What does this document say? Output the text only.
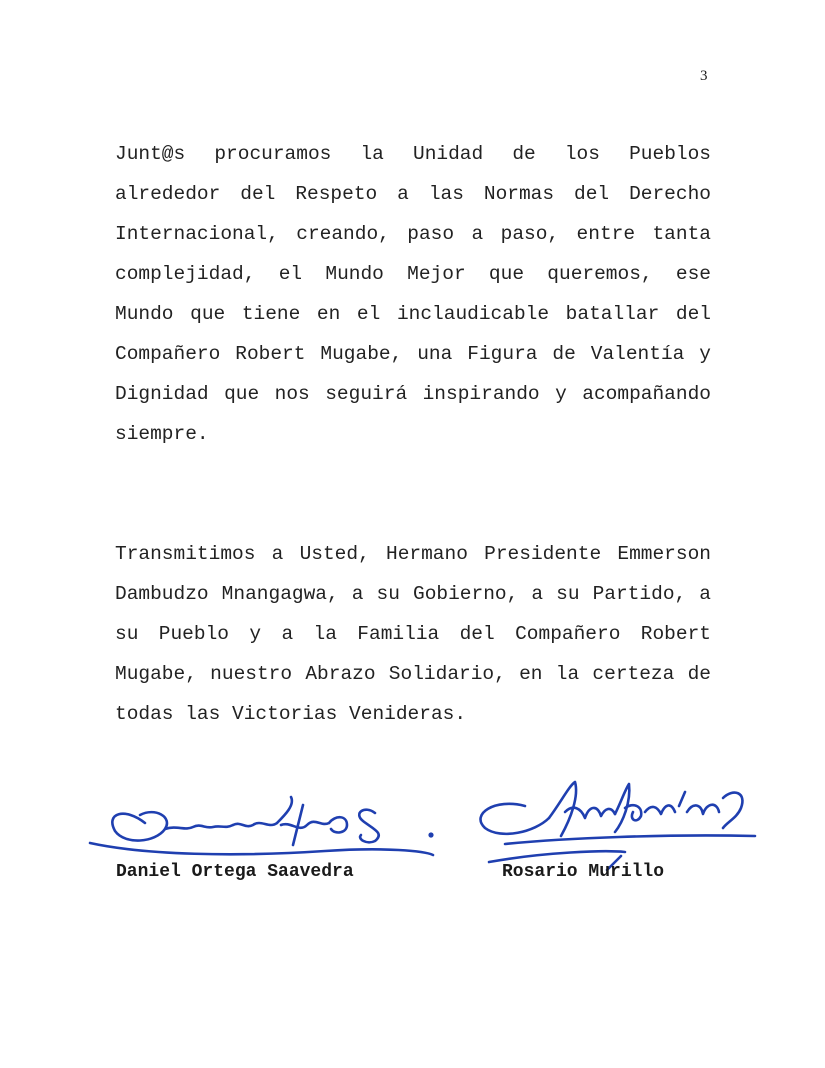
3

Junt@s procuramos la Unidad de los Pueblos alrededor del Respeto a las Normas del Derecho Internacional, creando, paso a paso, entre tanta complejidad, el Mundo Mejor que queremos, ese Mundo que tiene en el inclaudicable batallar del Compañero Robert Mugabe, una Figura de Valentía y Dignidad que nos seguirá inspirando y acompañando siempre.

Transmitimos a Usted, Hermano Presidente Emmerson Dambudzo Mnangagwa, a su Gobierno, a su Partido, a su Pueblo y a la Familia del Compañero Robert Mugabe, nuestro Abrazo Solidario, en la certeza de todas las Victorias Venideras.

Daniel Ortega Saavedra	Rosario Murillo
